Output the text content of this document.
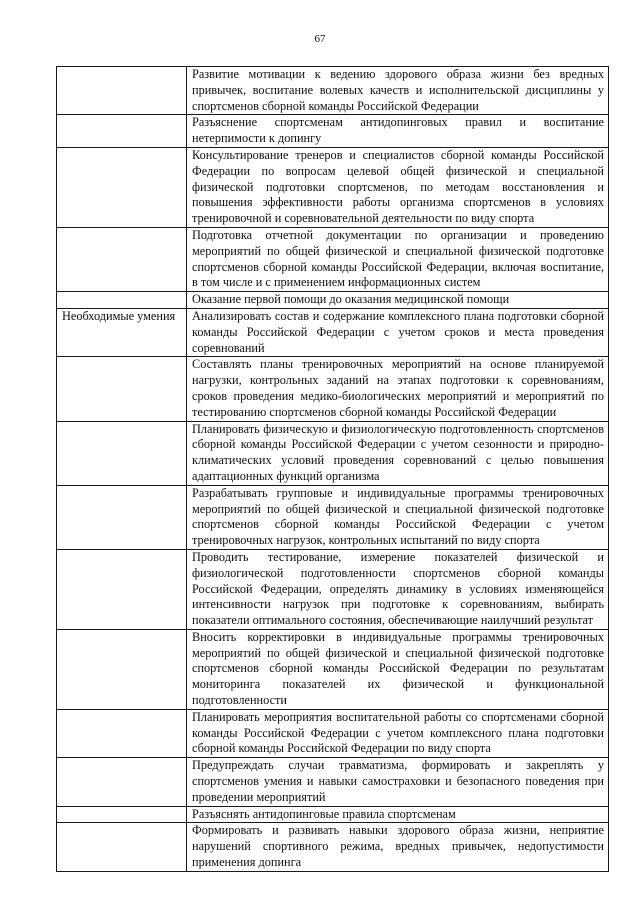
67
	Развитие мотивации к ведению здорового образа жизни без вредных привычек, воспитание волевых качеств и исполнительской дисциплины у спортсменов сборной команды Российской Федерации
	Разъяснение спортсменам антидопинговых правил и воспитание нетерпимости к допингу
	Консультирование тренеров и специалистов сборной команды Российской Федерации по вопросам целевой общей физической и специальной физической подготовки спортсменов, по методам восстановления и повышения эффективности работы организма спортсменов в условиях тренировочной и соревновательной деятельности по виду спорта
	Подготовка отчетной документации по организации и проведению мероприятий по общей физической и специальной физической подготовке спортсменов сборной команды Российской Федерации, включая воспитание, в том числе и с применением информационных систем
	Оказание первой помощи до оказания медицинской помощи
Необходимые умения	Анализировать состав и содержание комплексного плана подготовки сборной команды Российской Федерации с учетом сроков и места проведения соревнований
	Составлять планы тренировочных мероприятий на основе планируемой нагрузки, контрольных заданий на этапах подготовки к соревнованиям, сроков проведения медико-биологических мероприятий и мероприятий по тестированию спортсменов сборной команды Российской Федерации
	Планировать физическую и физиологическую подготовленность спортсменов сборной команды Российской Федерации с учетом сезонности и природно-климатических условий проведения соревнований с целью повышения адаптационных функций организма
	Разрабатывать групповые и индивидуальные программы тренировочных мероприятий по общей физической и специальной физической подготовке спортсменов сборной команды Российской Федерации с учетом тренировочных нагрузок, контрольных испытаний по виду спорта
	Проводить тестирование, измерение показателей физической и физиологической подготовленности спортсменов сборной команды Российской Федерации, определять динамику в условиях изменяющейся интенсивности нагрузок при подготовке к соревнованиям, выбирать показатели оптимального состояния, обеспечивающие наилучший результат
	Вносить корректировки в индивидуальные программы тренировочных мероприятий по общей физической и специальной физической подготовке спортсменов сборной команды Российской Федерации по результатам мониторинга показателей их физической и функциональной подготовленности
	Планировать мероприятия воспитательной работы со спортсменами сборной команды Российской Федерации с учетом комплексного плана подготовки сборной команды Российской Федерации по виду спорта
	Предупреждать случаи травматизма, формировать и закреплять у спортсменов умения и навыки самостраховки и безопасного поведения при проведении мероприятий
	Разъяснять антидопинговые правила спортсменам
	Формировать и развивать навыки здорового образа жизни, неприятие нарушений спортивного режима, вредных привычек, недопустимости применения допинга
